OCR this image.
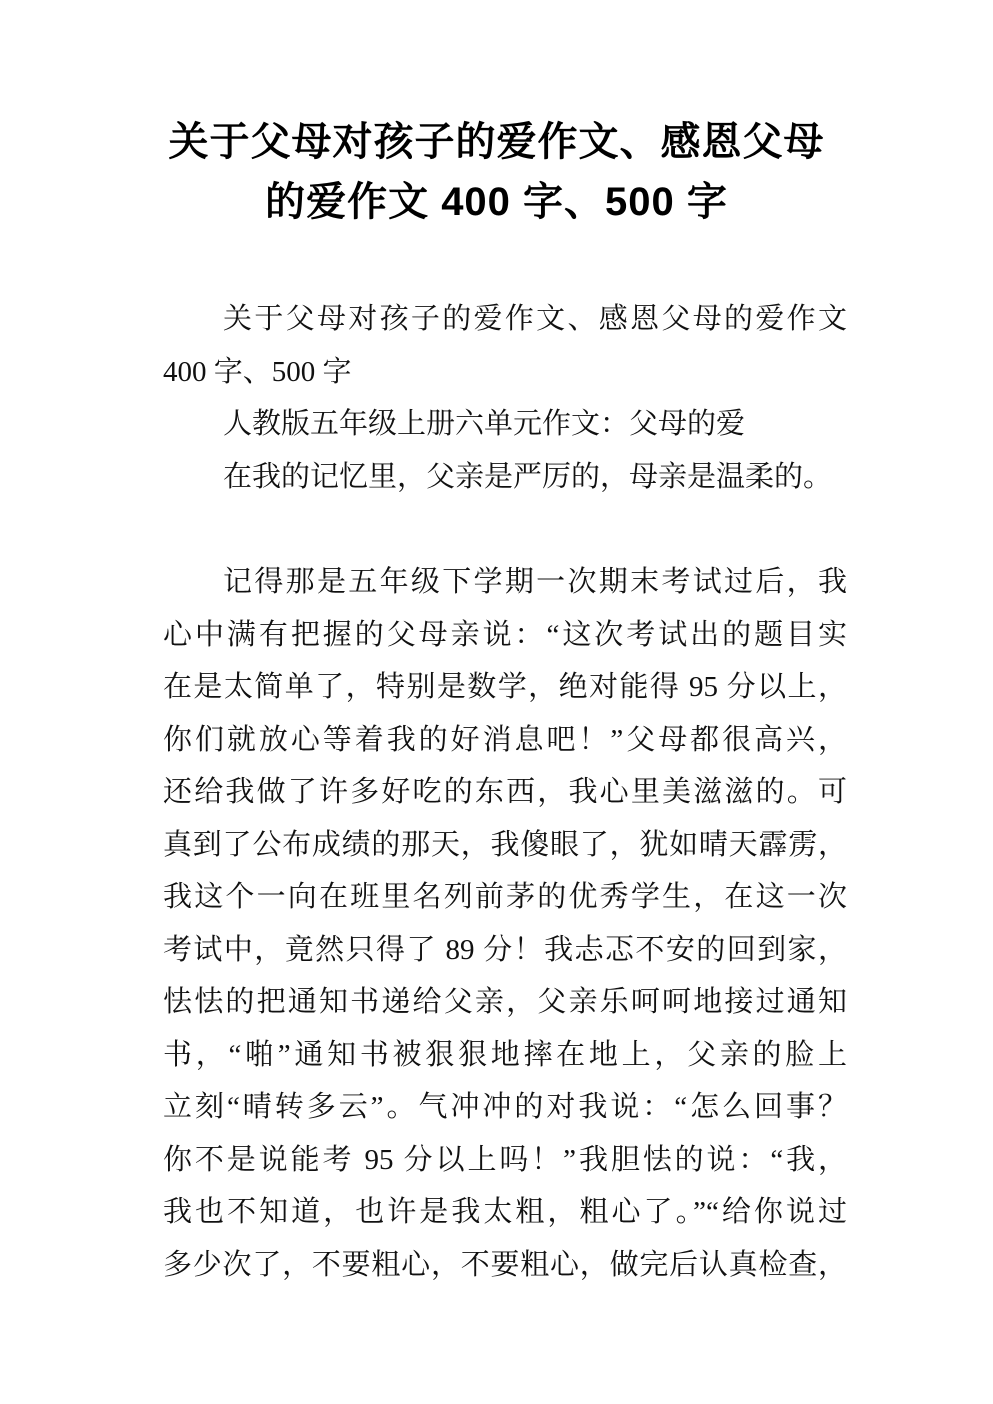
关于父母对孩子的爱作文、感恩父母
的爱作文 400 字、500 字
关于父母对孩子的爱作文、感恩父母的爱作文
400 字、500 字
人教版五年级上册六单元作文：父母的爱
在我的记忆里，父亲是严厉的，母亲是温柔的。
记得那是五年级下学期一次期末考试过后，我
心中满有把握的父母亲说：“这次考试出的题目实
在是太简单了，特别是数学，绝对能得 95 分以上，
你们就放心等着我的好消息吧！”父母都很高兴，
还给我做了许多好吃的东西，我心里美滋滋的。可
真到了公布成绩的那天，我傻眼了，犹如晴天霹雳，
我这个一向在班里名列前茅的优秀学生，在这一次
考试中，竟然只得了 89 分！我忐忑不安的回到家，
怯怯的把通知书递给父亲，父亲乐呵呵地接过通知
书，“啪”通知书被狠狠地摔在地上，父亲的脸上
立刻“晴转多云”。气冲冲的对我说：“怎么回事？
你不是说能考 95 分以上吗！”我胆怯的说：“我，
我也不知道，也许是我太粗，粗心了。”“给你说过
多少次了，不要粗心，不要粗心，做完后认真检查，
